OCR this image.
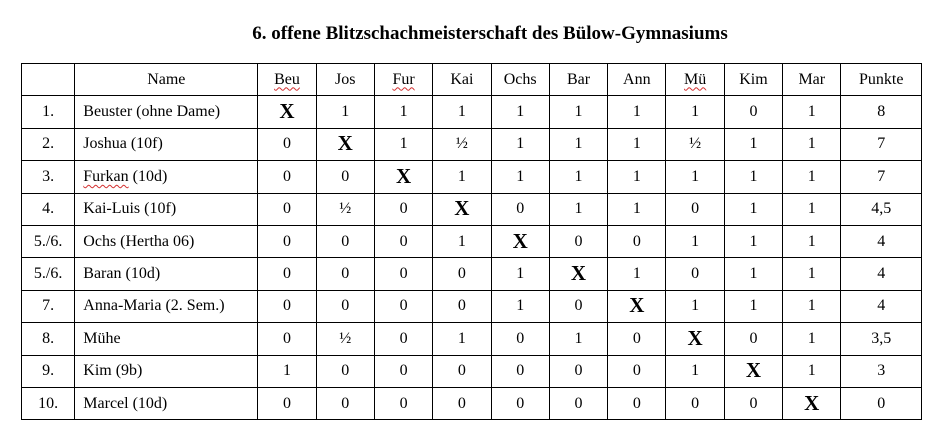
6. offene Blitzschachmeisterschaft des Bülow-Gymnasiums
	Name	Beu	Jos	Fur	Kai	Ochs	Bar	Ann	Mü	Kim	Mar	Punkte
1.	Beuster (ohne Dame)	X	1	1	1	1	1	1	1	0	1	8
2.	Joshua (10f)	0	X	1	½	1	1	1	½	1	1	7
3.	Furkan (10d)	0	0	X	1	1	1	1	1	1	1	7
4.	Kai-Luis (10f)	0	½	0	X	0	1	1	0	1	1	4,5
5./6.	Ochs (Hertha 06)	0	0	0	1	X	0	0	1	1	1	4
5./6.	Baran (10d)	0	0	0	0	1	X	1	0	1	1	4
7.	Anna-Maria (2. Sem.)	0	0	0	0	1	0	X	1	1	1	4
8.	Mühe	0	½	0	1	0	1	0	X	0	1	3,5
9.	Kim (9b)	1	0	0	0	0	0	0	1	X	1	3
10.	Marcel (10d)	0	0	0	0	0	0	0	0	0	X	0
